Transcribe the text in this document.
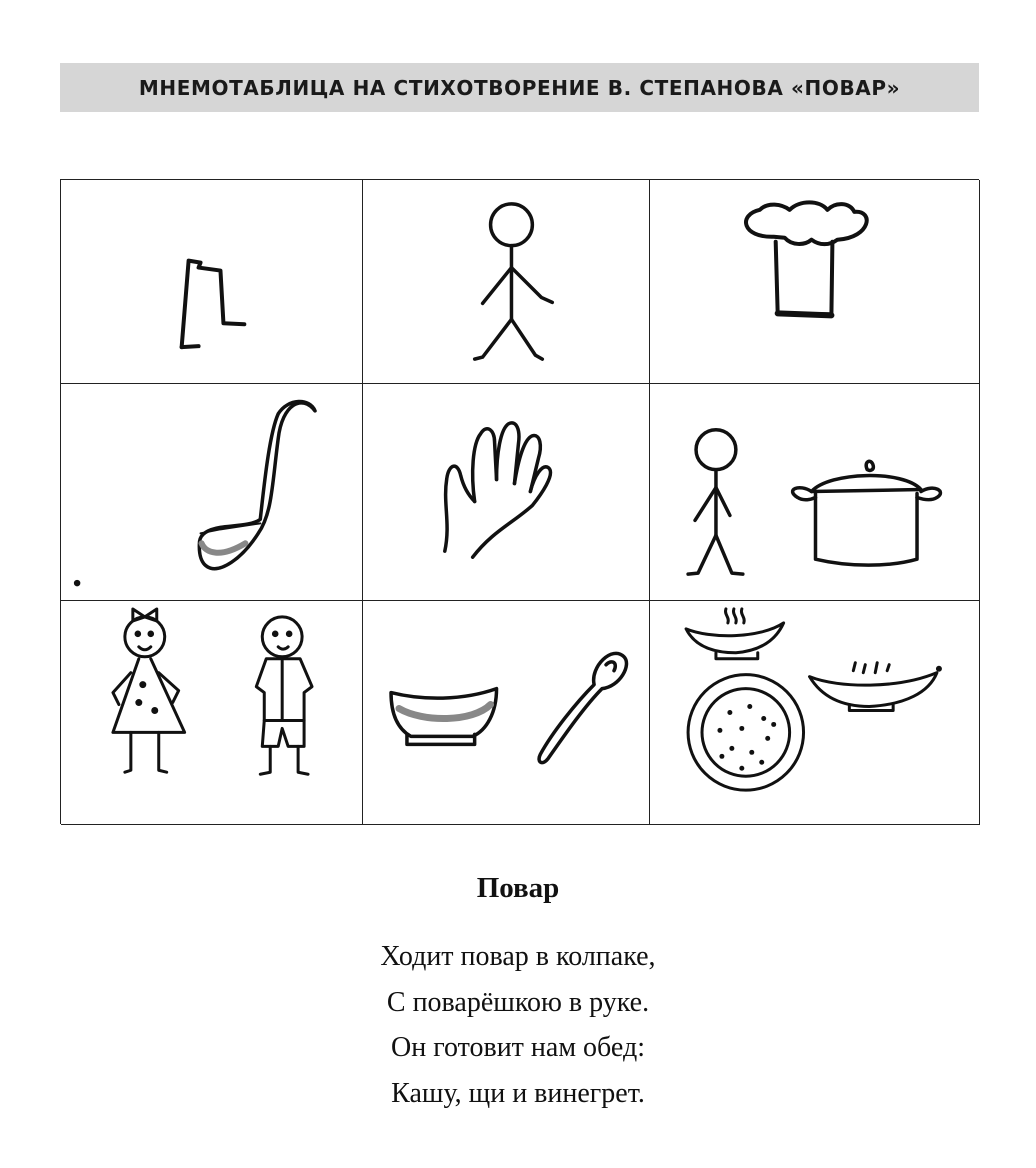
МНЕМОТАБЛИЦА НА СТИХОТВОРЕНИЕ В. СТЕПАНОВА «ПОВАР»
Повар
Ходит повар в колпаке,
С поварёшкою в руке.
Он готовит нам обед:
Кашу, щи и винегрет.
